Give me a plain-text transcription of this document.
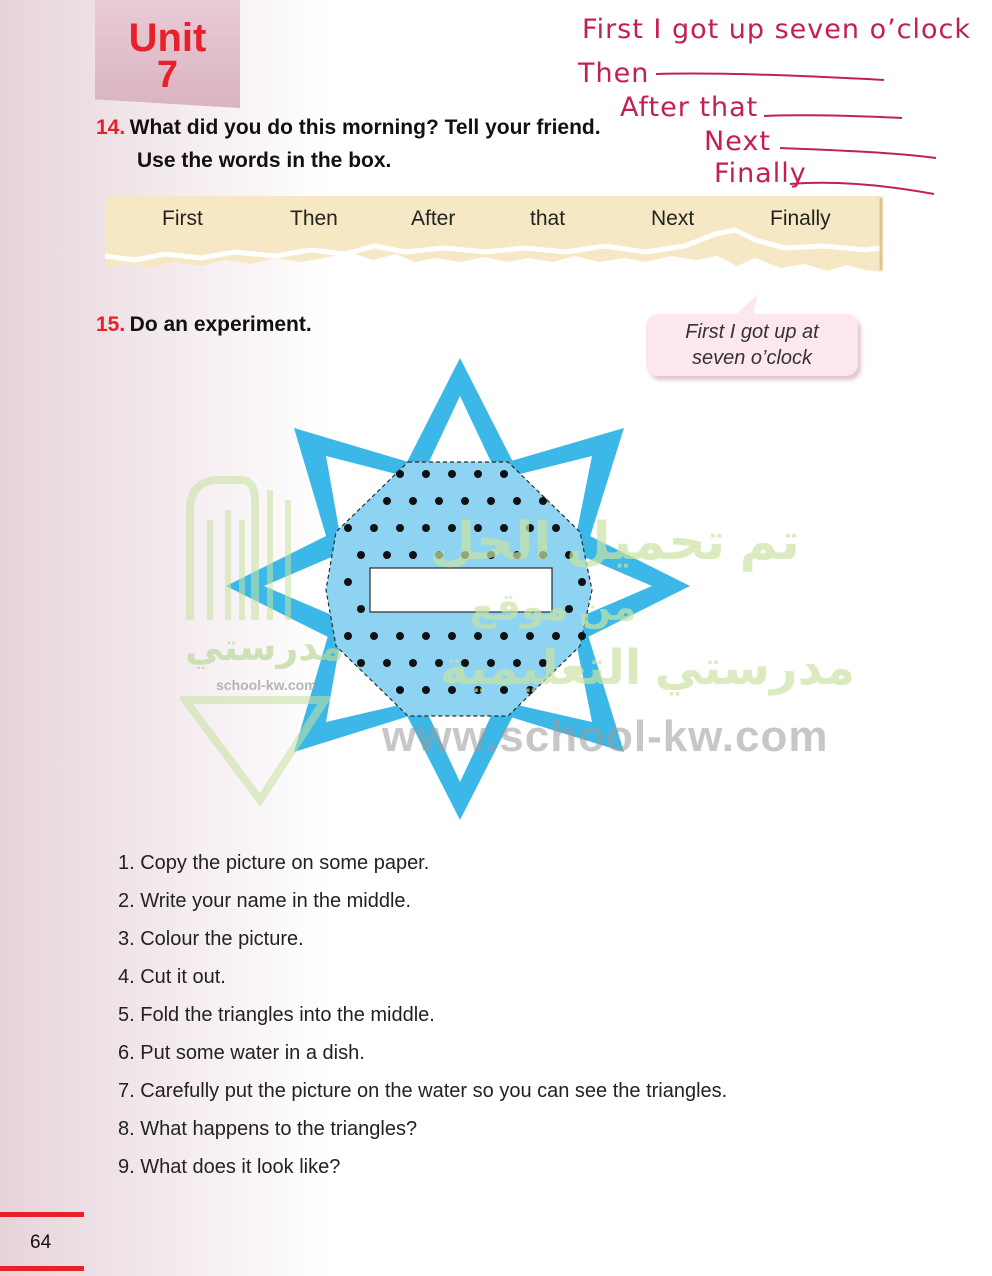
Unit
7
14. What did you do this morning? Tell your friend.
Use the words in the box.
First	Then	After	that	Next	Finally
First I got up seven o’clock
Then
After that
Next
Finally
First I got up at
seven o’clock
15. Do an experiment.
مدرستي
school-kw.com
تم تحميل الحل
من موقع
مدرستي التعليمية
www.school-kw.com
1. Copy the picture on some paper.
2. Write your name in the middle.
3. Colour the picture.
4. Cut it out.
5. Fold the triangles into the middle.
6. Put some water in a dish.
7. Carefully put the picture on the water so you can see the triangles.
8. What happens to the triangles?
9. What does it look like?
64
